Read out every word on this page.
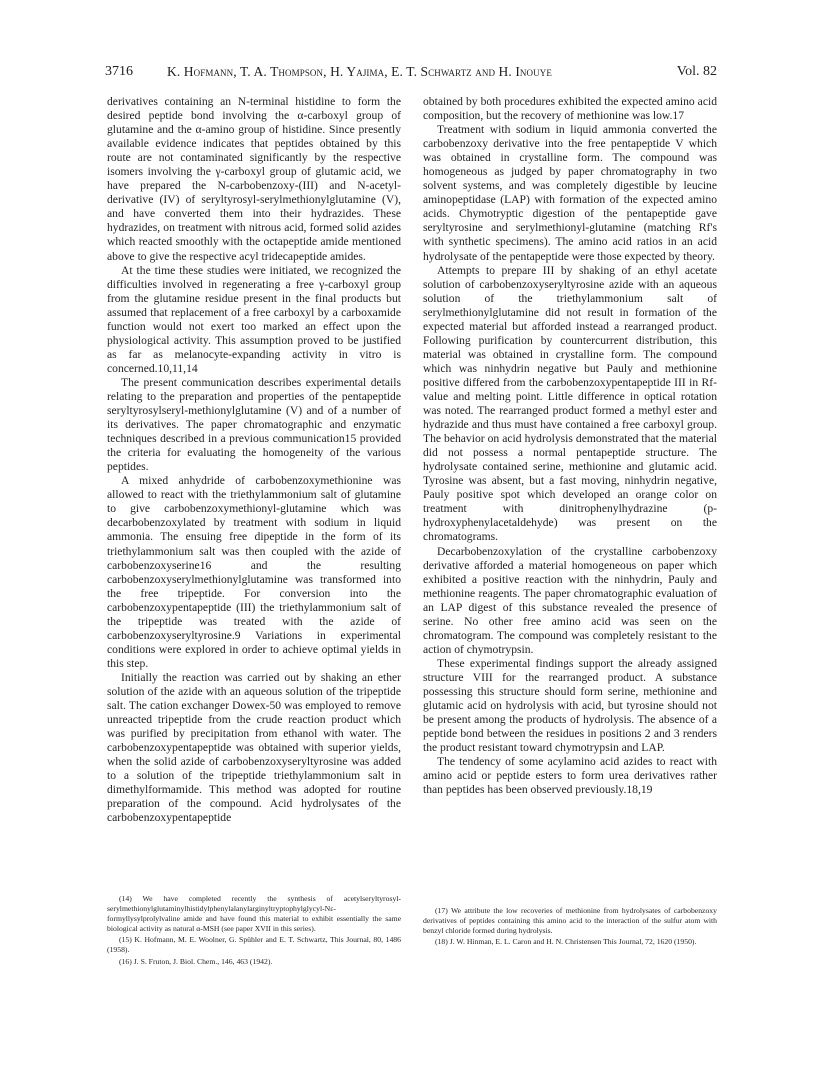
3716	K. Hofmann, T. A. Thompson, H. Yajima, E. T. Schwartz and H. Inouye	Vol. 82

derivatives containing an N-terminal histidine to form the desired peptide bond involving the α-carboxyl group of glutamine and the α-amino group of histidine. Since presently available evidence indicates that peptides obtained by this route are not contaminated significantly by the respective isomers involving the γ-carboxyl group of glutamic acid, we have prepared the N-carbobenzoxy-(III) and N-acetyl-derivative (IV) of seryltyrosyl-serylmethionylglutamine (V), and have converted them into their hydrazides. These hydrazides, on treatment with nitrous acid, formed solid azides which reacted smoothly with the octapeptide amide mentioned above to give the respective acyl tridecapeptide amides.

At the time these studies were initiated, we recognized the difficulties involved in regenerating a free γ-carboxyl group from the glutamine residue present in the final products but assumed that replacement of a free carboxyl by a carboxamide function would not exert too marked an effect upon the physiological activity. This assumption proved to be justified as far as melanocyte-expanding activity in vitro is concerned.10,11,14

The present communication describes experimental details relating to the preparation and properties of the pentapeptide seryltyrosylseryl-methionylglutamine (V) and of a number of its derivatives. The paper chromatographic and enzymatic techniques described in a previous communication15 provided the criteria for evaluating the homogeneity of the various peptides.

A mixed anhydride of carbobenzoxymethionine was allowed to react with the triethylammonium salt of glutamine to give carbobenzoxymethionyl-glutamine which was decarbobenzoxylated by treatment with sodium in liquid ammonia. The ensuing free dipeptide in the form of its triethylammonium salt was then coupled with the azide of carbobenzoxyserine16 and the resulting carbobenzoxyserylmethionylglutamine was transformed into the free tripeptide. For conversion into the carbobenzoxypentapeptide (III) the triethylammonium salt of the tripeptide was treated with the azide of carbobenzoxyseryltyrosine.9 Variations in experimental conditions were explored in order to achieve optimal yields in this step.

Initially the reaction was carried out by shaking an ether solution of the azide with an aqueous solution of the tripeptide salt. The cation exchanger Dowex-50 was employed to remove unreacted tripeptide from the crude reaction product which was purified by precipitation from ethanol with water. The carbobenzoxypentapeptide was obtained with superior yields, when the solid azide of carbobenzoxyseryltyrosine was added to a solution of the tripeptide triethylammonium salt in dimethylformamide. This method was adopted for routine preparation of the compound. Acid hydrolysates of the carbobenzoxypentapeptide

obtained by both procedures exhibited the expected amino acid composition, but the recovery of methionine was low.17

Treatment with sodium in liquid ammonia converted the carbobenzoxy derivative into the free pentapeptide V which was obtained in crystalline form. The compound was homogeneous as judged by paper chromatography in two solvent systems, and was completely digestible by leucine aminopeptidase (LAP) with formation of the expected amino acids. Chymotryptic digestion of the pentapeptide gave seryltyrosine and serylmethionyl-glutamine (matching Rf's with synthetic specimens). The amino acid ratios in an acid hydrolysate of the pentapeptide were those expected by theory.

Attempts to prepare III by shaking of an ethyl acetate solution of carbobenzoxyseryltyrosine azide with an aqueous solution of the triethylammonium salt of serylmethionylglutamine did not result in formation of the expected material but afforded instead a rearranged product. Following purification by countercurrent distribution, this material was obtained in crystalline form. The compound which was ninhydrin negative but Pauly and methionine positive differed from the carbobenzoxypentapeptide III in Rf-value and melting point. Little difference in optical rotation was noted. The rearranged product formed a methyl ester and hydrazide and thus must have contained a free carboxyl group. The behavior on acid hydrolysis demonstrated that the material did not possess a normal pentapeptide structure. The hydrolysate contained serine, methionine and glutamic acid. Tyrosine was absent, but a fast moving, ninhydrin negative, Pauly positive spot which developed an orange color on treatment with dinitrophenylhydrazine (p-hydroxyphenylacetaldehyde) was present on the chromatograms.

Decarbobenzoxylation of the crystalline carbobenzoxy derivative afforded a material homogeneous on paper which exhibited a positive reaction with the ninhydrin, Pauly and methionine reagents. The paper chromatographic evaluation of an LAP digest of this substance revealed the presence of serine. No other free amino acid was seen on the chromatogram. The compound was completely resistant to the action of chymotrypsin.

These experimental findings support the already assigned structure VIII for the rearranged product. A substance possessing this structure should form serine, methionine and glutamic acid on hydrolysis with acid, but tyrosine should not be present among the products of hydrolysis. The absence of a peptide bond between the residues in positions 2 and 3 renders the product resistant toward chymotrypsin and LAP.

The tendency of some acylamino acid azides to react with amino acid or peptide esters to form urea derivatives rather than peptides has been observed previously.18,19

(14) We have completed recently the synthesis of acetylseryltyrosyl-serylmethionylglutaminylhistidylphenylalanylarginyltryptophylglycyl-Nε-formyllysylprolylvaline amide and have found this material to exhibit essentially the same biological activity as natural α-MSH (see paper XVII in this series).

(15) K. Hofmann, M. E. Woolner, G. Spühler and E. T. Schwartz, This Journal, 80, 1486 (1958).

(16) J. S. Fruton, J. Biol. Chem., 146, 463 (1942).

(17) We attribute the low recoveries of methionine from hydrolysates of carbobenzoxy derivatives of peptides containing this amino acid to the interaction of the sulfur atom with benzyl chloride formed during hydrolysis.

(18) J. W. Hinman, E. L. Caron and H. N. Christensen This Journal, 72, 1620 (1950).
